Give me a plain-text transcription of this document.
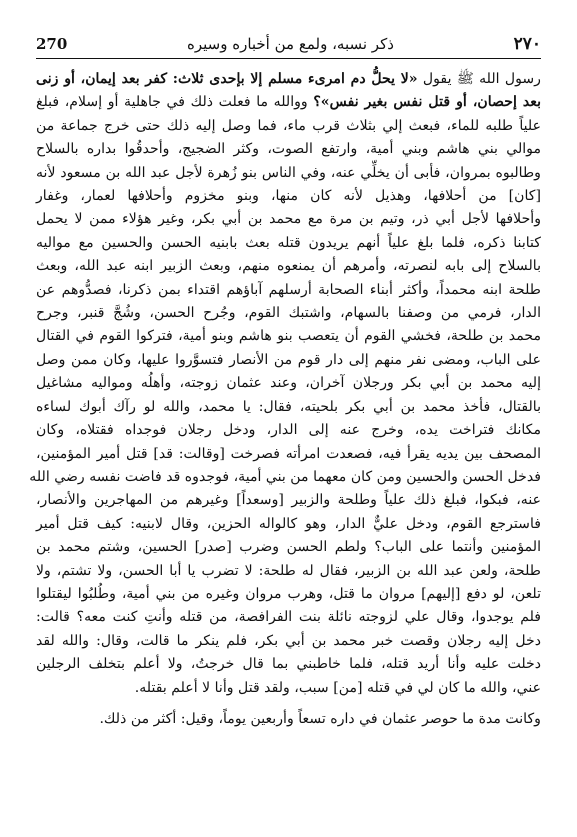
270	ذكر نسبه، ولمع من أخباره وسيره	٢٧٠
رسول الله ﷺ يقول «لا يحلُّ دم امرىء مسلم إلا بإحدى ثلاث: كفر بعد إيمان، أو زنى
بعد إحصان، أو قتل نفس بغير نفس»؟ ووالله ما فعلت ذلك في جاهلية أو إسلام، فبلغ
علياً طلبه للماء، فبعث إلي بثلاث قرب ماء، فما وصل إليه ذلك حتى خرج جماعة من
موالي بني هاشم وبني أمية، وارتفع الصوت، وكثر الضجيج، وأحدقُوا بداره بالسلاح
وطالبوه بمروان، فأبى أن يخلِّي عنه، وفي الناس بنو زُهرة لأجل عبد الله بن مسعود لأنه
[كان] من أحلافها، وهذيل لأنه كان منها، وبنو مخزوم وأحلافها لعمار، وغفار
وأحلافها لأجل أبي ذر، وتيم بن مرة مع محمد بن أبي بكر، وغير هؤلاء ممن لا يحمل
كتابنا ذكره، فلما بلغ علياً أنهم يريدون قتله بعث بابنيه الحسن والحسين مع مواليه
بالسلاح إلى بابه لنصرته، وأمرهم أن يمنعوه منهم، وبعث الزبير ابنه عبد الله، وبعث
طلحة ابنه محمداً، وأكثر أبناء الصحابة أرسلهم آباؤهم اقتداء بمن ذكرنا، فصدُّوهم عن
الدار، فرمي من وصفنا بالسهام، واشتبك القوم، وجُرح الحسن، وشُجَّ قنبر، وجرح
محمد بن طلحة، فخشي القوم أن يتعصب بنو هاشم وبنو أمية، فتركوا القوم في القتال
على الباب، ومضى نفر منهم إلى دار قوم من الأنصار فتسوَّروا عليها، وكان ممن وصل
إليه محمد بن أبي بكر ورجلان آخران، وعند عثمان زوجته، وأهلُه ومواليه مشاغيل
بالقتال، فأخذ محمد بن أبي بكر بلحيته، فقال: يا محمد، والله لو رآك أبوك لساءه
مكانك فتراخت يده، وخرج عنه إلى الدار، ودخل رجلان فوجداه فقتلاه، وكان
المصحف بين يديه يقرأ فيه، فصعدت امرأته فصرخت [وقالت: قد] قتل أمير المؤمنين،
فدخل الحسن والحسين ومن كان معهما من بني أمية، فوجدوه قد فاضت نفسه رضي الله
عنه، فبكوا، فبلغ ذلك علياً وطلحة والزبير [وسعداً] وغيرهم من المهاجرين والأنصار،
فاسترجع القوم، ودخل عليٌّ الدار، وهو كالواله الحزين، وقال لابنيه: كيف قتل أمير
المؤمنين وأنتما على الباب؟ ولطم الحسن وضرب [صدر] الحسين، وشتم محمد بن
طلحة، ولعن عبد الله بن الزبير، فقال له طلحة: لا تضرب يا أبا الحسن، ولا تشتم، ولا
تلعن، لو دفع [إليهم] مروان ما قتل، وهرب مروان وغيره من بني أمية، وطُلبُوا ليقتلوا
فلم يوجدوا، وقال علي لزوجته نائلة بنت الفرافصة، من قتله وأنتِ كنت معه؟ قالت:
دخل إليه رجلان وقصت خبر محمد بن أبي بكر، فلم ينكر ما قالت، وقال: والله لقد
دخلت عليه وأنا أريد قتله، فلما خاطبني بما قال خرجتُ، ولا أعلم بتخلف الرجلين
عني، والله ما كان لي في قتله [من] سبب، ولقد قتل وأنا لا أعلم بقتله.
وكانت مدة ما حوصر عثمان في داره تسعاً وأربعين يوماً، وقيل: أكثر من ذلك.
